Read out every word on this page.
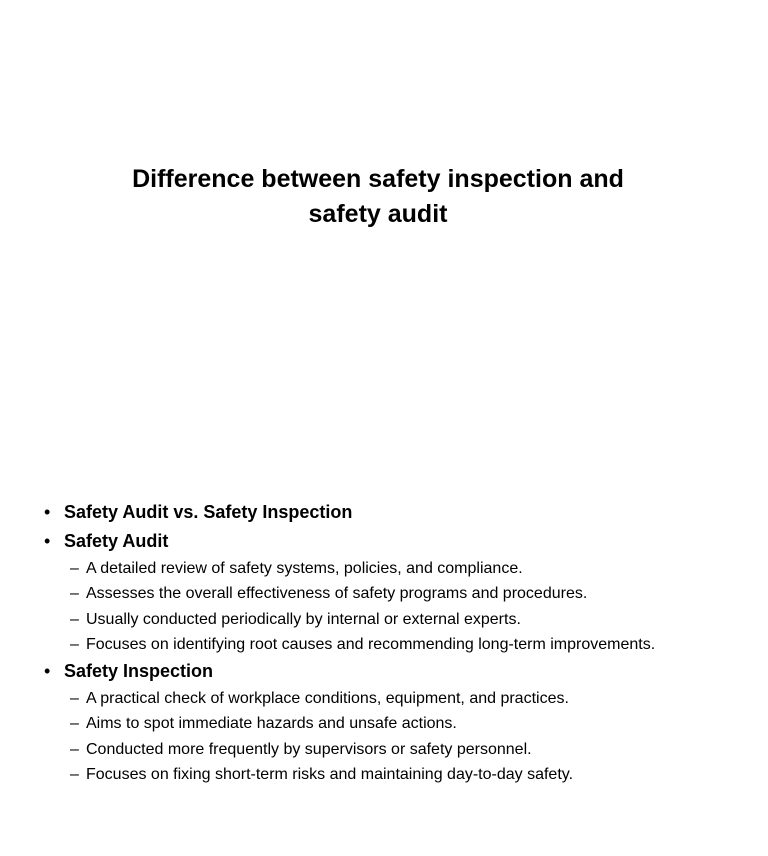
Difference between safety inspection and
safety audit
• Safety Audit vs. Safety Inspection
• Safety Audit
– A detailed review of safety systems, policies, and compliance.
– Assesses the overall effectiveness of safety programs and procedures.
– Usually conducted periodically by internal or external experts.
– Focuses on identifying root causes and recommending long-term improvements.
• Safety Inspection
– A practical check of workplace conditions, equipment, and practices.
– Aims to spot immediate hazards and unsafe actions.
– Conducted more frequently by supervisors or safety personnel.
– Focuses on fixing short-term risks and maintaining day-to-day safety.
